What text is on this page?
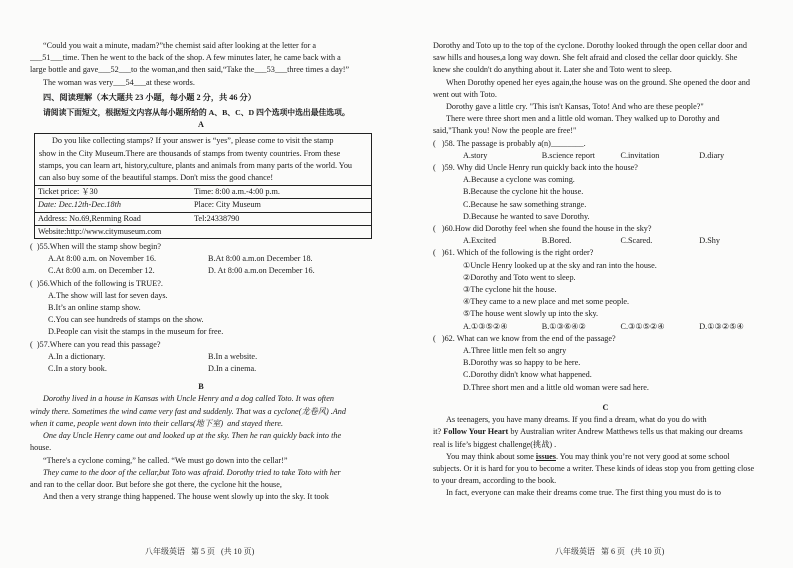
“Could you wait a minute, madam?”the chemist said after looking at the letter for a
___51___time. Then he went to the back of the shop. A few minutes later, he came back with a
large bottle and gave___52___to the woman,and then said,“Take the___53___three times a day!”
The woman was very___54___at these words.
四、阅读理解（本大题共 23 小题，每小题 2 分，共 46 分）
请阅读下面短文，根据短文内容从每小题所给的 A、B、C、D 四个选项中选出最佳选项。
A
Do you like collecting stamps? If your answer is “yes”, please come to visit the stamp
show in the City Museum.There are thousands of stamps from twenty countries. From these
stamps, you can learn art, history,culture, plants and animals from many parts of the world. You
can also buy some of the beautiful stamps. Don't miss the good chance!
Ticket price: ￥30	Time: 8:00 a.m.-4:00 p.m.
Date: Dec.12th-Dec.18th	Place: City Museum
Address: No.69,Renming Road	Tel:24338790
Website:http://www.citymuseum.com
(  )55.When will the stamp show begin?
A.At 8:00 a.m. on November 16.	B.At 8:00 a.m.on December 18.
C.At 8:00 a.m. on December 12.	D. At 8:00 a.m.on December 16.
(  )56.Which of the following is TRUE?.
A.The show will last for seven days.
B.It’s an online stamp show.
C.You can see hundreds of stamps on the show.
D.People can visit the stamps in the museum for free.
(  )57.Where can you read this passage?
A.In a dictionary.	B.In a website.
C.In a story book.	D.In a cinema.
B
Dorothy lived in a house in Kansas with Uncle Henry and a dog called Toto. It was often
windy there. Sometimes the wind came very fast and suddenly. That was a cyclone(龙卷风) .And
when it came, people went down into their cellars(地下室)  and stayed there.
One day Uncle Henry came out and looked up at the sky. Then he ran quickly back into the
house.
“There's a cyclone coming,” he called. “We must go down into the cellar!”
They came to the door of the cellar,but Toto was afraid. Dorothy tried to take Toto with her
and ran to the cellar door. But before she got there, the cyclone hit the house,
And then a very strange thing happened. The house went slowly up into the sky. It took
八年级英语   第 5 页   (共 10 页)
Dorothy and Toto up to the top of the cyclone. Dorothy looked through the open cellar door and
saw hills and houses,a long way down. She felt afraid and closed the cellar door quickly. She
knew she couldn't do anything about it. Later she and Toto went to sleep.
When Dorothy opened her eyes again,the house was on the ground. She opened the door and
went out with Toto.
Dorothy gave a little cry. "This isn't Kansas, Toto! And who are these people?"
There were three short men and a little old woman. They walked up to Dorothy and
said,"Thank you! Now the people are free!"
(   )58. The passage is probably a(n)________.
A.story	B.science report	C.invitation	D.diary
(   )59. Why did Uncle Henry run quickly back into the house?
A.Because a cyclone was coming.
B.Because the cyclone hit the house.
C.Because he saw something strange.
D.Because he wanted to save Dorothy.
(   )60.How did Dorothy feel when she found the house in the sky?
A.Excited	B.Bored.	C.Scared.	D.Shy
(   )61. Which of the following is the right order?
①Uncle Henry looked up at the sky and ran into the house.
②Dorothy and Toto went to sleep.
③The cyclone hit the house.
④They came to a new place and met some people.
⑤The house went slowly up into the sky.
A.①③⑤②④	B.①③⑥④②	C.③①⑤②④	D.①③②⑤④
(   )62. What can we know from the end of the passage?
A.Three little men felt so angry
B.Dorothy was so happy to be here.
C.Dorothy didn't know what happened.
D.Three short men and a little old woman were sad here.
C
As teenagers, you have many dreams. If you find a dream, what do you do with
it? Follow Your Heart by Australian writer Andrew Matthews tells us that making our dreams
real is life’s biggest challenge(挑战) .
You may think about some issues. You may think you’re not very good at some school
subjects. Or it is hard for you to become a writer. These kinds of ideas stop you from getting close
to your dream, according to the book.
In fact, everyone can make their dreams come true. The first thing you must do is to
八年级英语   第 6 页   (共 10 页)
